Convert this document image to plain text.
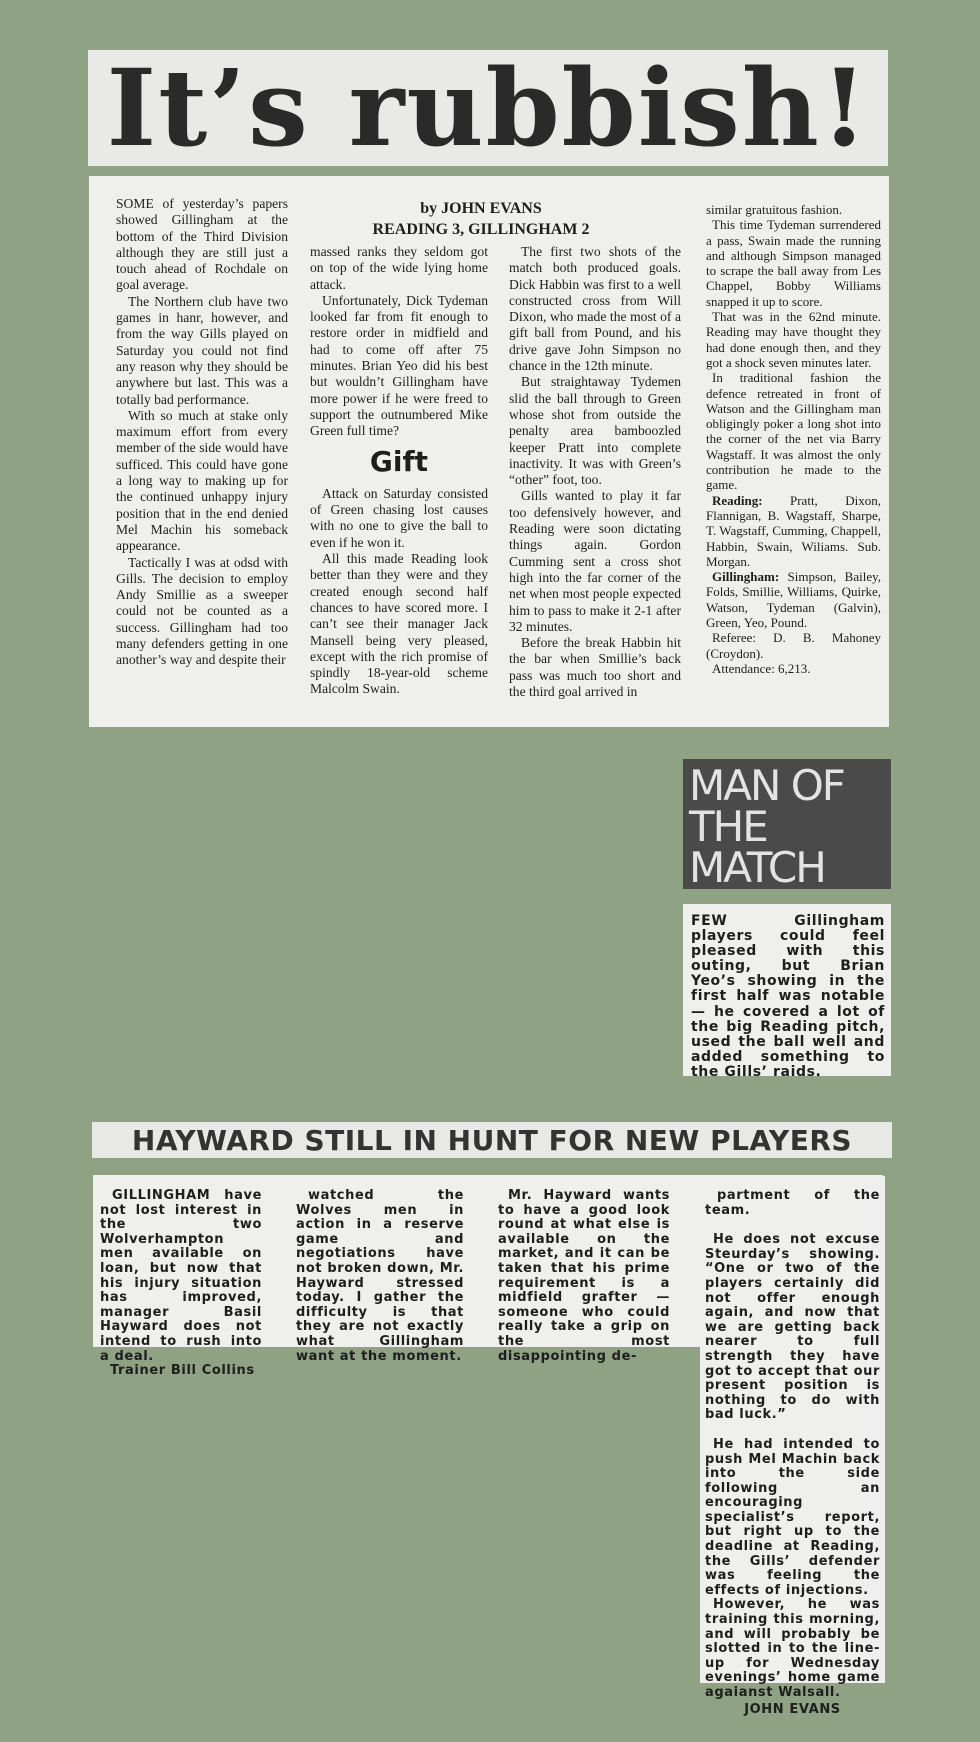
It’s rubbish!

SOME of yesterday’s papers showed Gillingham at the bottom of the Third Division although they are still just a touch ahead of Rochdale on goal average.

The Northern club have two games in hanr, however, and from the way Gills played on Saturday you could not find any reason why they should be anywhere but last. This was a totally bad performance.

With so much at stake only maximum effort from every member of the side would have sufficed. This could have gone a long way to making up for the continued unhappy injury position that in the end denied Mel Machin his someback appearance.

Tactically I was at odsd with Gills. The decision to employ Andy Smillie as a sweeper could not be counted as a success. Gillingham had too many defenders getting in one another’s way and despite their

by JOHN EVANS
READING 3, GILLINGHAM 2

massed ranks they seldom got on top of the wide lying home attack.

Unfortunately, Dick Tydeman looked far from fit enough to restore order in midfield and had to come off after 75 minutes. Brian Yeo did his best but wouldn’t Gillingham have more power if he were freed to support the outnumbered Mike Green full time?

Gift

Attack on Saturday consisted of Green chasing lost causes with no one to give the ball to even if he won it.

All this made Reading look better than they were and they created enough second half chances to have scored more. I can’t see their manager Jack Mansell being very pleased, except with the rich promise of spindly 18-year-old scheme Malcolm Swain.

The first two shots of the match both produced goals. Dick Habbin was first to a well constructed cross from Will Dixon, who made the most of a gift ball from Pound, and his drive gave John Simpson no chance in the 12th minute.

But straightaway Tydemen slid the ball through to Green whose shot from outside the penalty area bamboozled keeper Pratt into complete inactivity. It was with Green’s “other” foot, too.

Gills wanted to play it far too defensively however, and Reading were soon dictating things again. Gordon Cumming sent a cross shot high into the far corner of the net when most people expected him to pass to make it 2-1 after 32 minutes.

Before the break Habbin hit the bar when Smillie’s back pass was much too short and the third goal arrived in

similar gratuitous fashion.

This time Tydeman surrendered a pass, Swain made the running and although Simpson managed to scrape the ball away from Les Chappel, Bobby Williams snapped it up to score.

That was in the 62nd minute. Reading may have thought they had done enough then, and they got a shock seven minutes later.

In traditional fashion the defence retreated in front of Watson and the Gillingham man obligingly poker a long shot into the corner of the net via Barry Wagstaff. It was almost the only contribution he made to the game.

Reading: Pratt, Dixon, Flannigan, B. Wagstaff, Sharpe, T. Wagstaff, Cumming, Chappell, Habbin, Swain, Wiliams. Sub. Morgan.

Gillingham: Simpson, Bailey, Folds, Smillie, Williams, Quirke, Watson, Tydeman (Galvin), Green, Yeo, Pound.

Referee: D. B. Mahoney (Croydon).

Attendance: 6,213.

MAN OF
THE
MATCH

FEW Gillingham players could feel pleased with this outing, but Brian Yeo’s showing in the first half was notable — he covered a lot of the big Reading pitch, used the ball well and added something to the Gills’ raids.

HAYWARD STILL IN HUNT FOR NEW PLAYERS

GILLINGHAM have not lost interest in the two Wolverhampton men available on loan, but now that his injury situation has improved, manager Basil Hayward does not intend to rush into a deal.

Trainer Bill Collins

watched the Wolves men in action in a reserve game and negotiations have not broken down, Mr. Hayward stressed today. I gather the difficulty is that they are not exactly what Gillingham want at the moment.

Mr. Hayward wants to have a good look round at what else is available on the market, and it can be taken that his prime requirement is a midfield grafter — someone who could really take a grip on the most disappointing de-

partment of the team.

He does not excuse Steurday’s showing. “One or two of the players certainly did not offer enough again, and now that we are getting back nearer to full strength they have got to accept that our present position is nothing to do with bad luck.”

He had intended to push Mel Machin back into the side following an encouraging specialist’s report, but right up to the deadline at Reading, the Gills’ defender was feeling the effects of injections.

However, he was training this morning, and will probably be slotted in to the line-up for Wednesday evenings’ home game agaianst Walsall.

JOHN EVANS
